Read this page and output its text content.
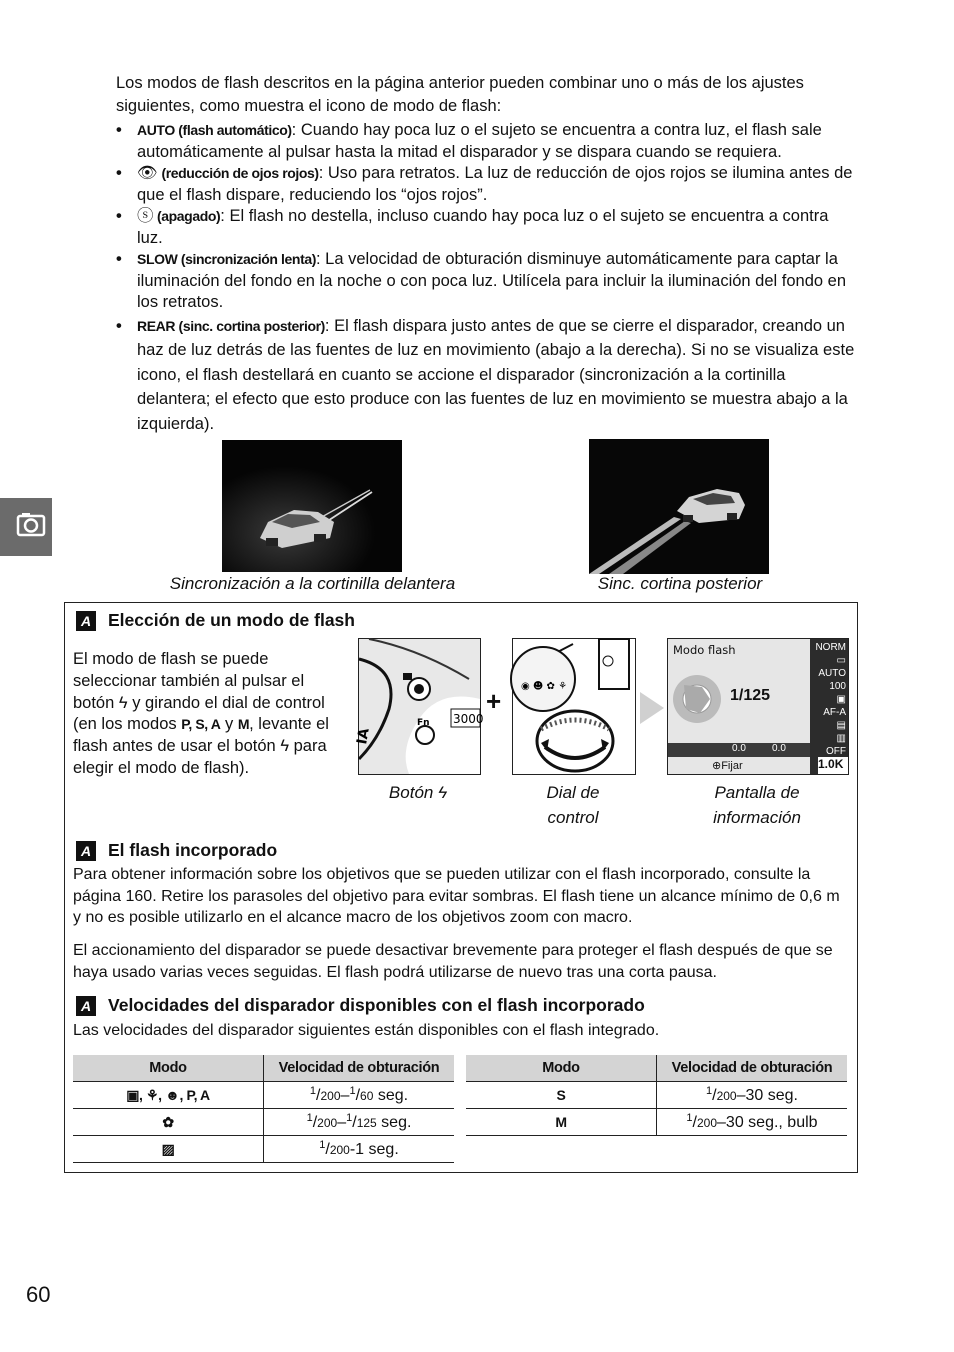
Los modos de flash descritos en la página anterior pueden combinar uno o más de los ajustes siguientes, como muestra el icono de modo de flash:
• AUTO (flash automático): Cuando hay poca luz o el sujeto se encuentra a contra luz, el flash sale automáticamente al pulsar hasta la mitad el disparador y se dispara cuando se requiera.
• 👁 (reducción de ojos rojos): Uso para retratos. La luz de reducción de ojos rojos se ilumina antes de que el flash dispare, reduciendo los “ojos rojos”.
• ⓢ (apagado): El flash no destella, incluso cuando hay poca luz o el sujeto se encuentra a contra luz.
• SLOW (sincronización lenta): La velocidad de obturación disminuye automáticamente para captar la iluminación del fondo en la noche o con poca luz. Utilícela para incluir la iluminación del fondo en los retratos.
• REAR (sinc. cortina posterior): El flash dispara justo antes de que se cierre el disparador, creando un haz de luz detrás de las fuentes de luz en movimiento (abajo a la derecha). Si no se visualiza este icono, el flash destellará en cuanto se accione el disparador (sincronización a la cortinilla delantera; el efecto que esto produce con las fuentes de luz en movimiento se muestra abajo a la izquierda).
Sincronización a la cortinilla delantera	Sinc. cortina posterior
A Elección de un modo de flash
El modo de flash se puede seleccionar también al pulsar el botón ϟ y girando el dial de control (en los modos P, S, A y M, levante el flash antes de usar el botón ϟ para elegir el modo de flash).
Fn 3000
IA
+ ◉ ☻ ✿ ⚘
Modo flash
1/125
0.0	0.0
⊕Fijar
NORM
▭
AUTO
100
▣
AF-A
▤
▥
OFF
1.0K
Botón ϟ	Dial de control
Pantalla de información
A El flash incorporado
Para obtener información sobre los objetivos que se pueden utilizar con el flash incorporado, consulte la página 160. Retire los parasoles del objetivo para evitar sombras. El flash tiene un alcance mínimo de 0,6 m y no es posible utilizarlo en el alcance macro de los objetivos zoom con macro.
El accionamiento del disparador se puede desactivar brevemente para proteger el flash después de que se haya usado varias veces seguidas. El flash podrá utilizarse de nuevo tras una corta pausa.
A Velocidades del disparador disponibles con el flash incorporado
Las velocidades del disparador siguientes están disponibles con el flash integrado.
Modo	Velocidad de obturación
▣, ⚘, ☻, P, A	$^1$/200–$^1$/60 seg.
✿	$^1$/200–$^1$/125 seg.
▨	$^1$/200-1 seg.
Modo	Velocidad de obturación
S	$^1$/200–30 seg.
M	$^1$/200–30 seg., bulb
60
